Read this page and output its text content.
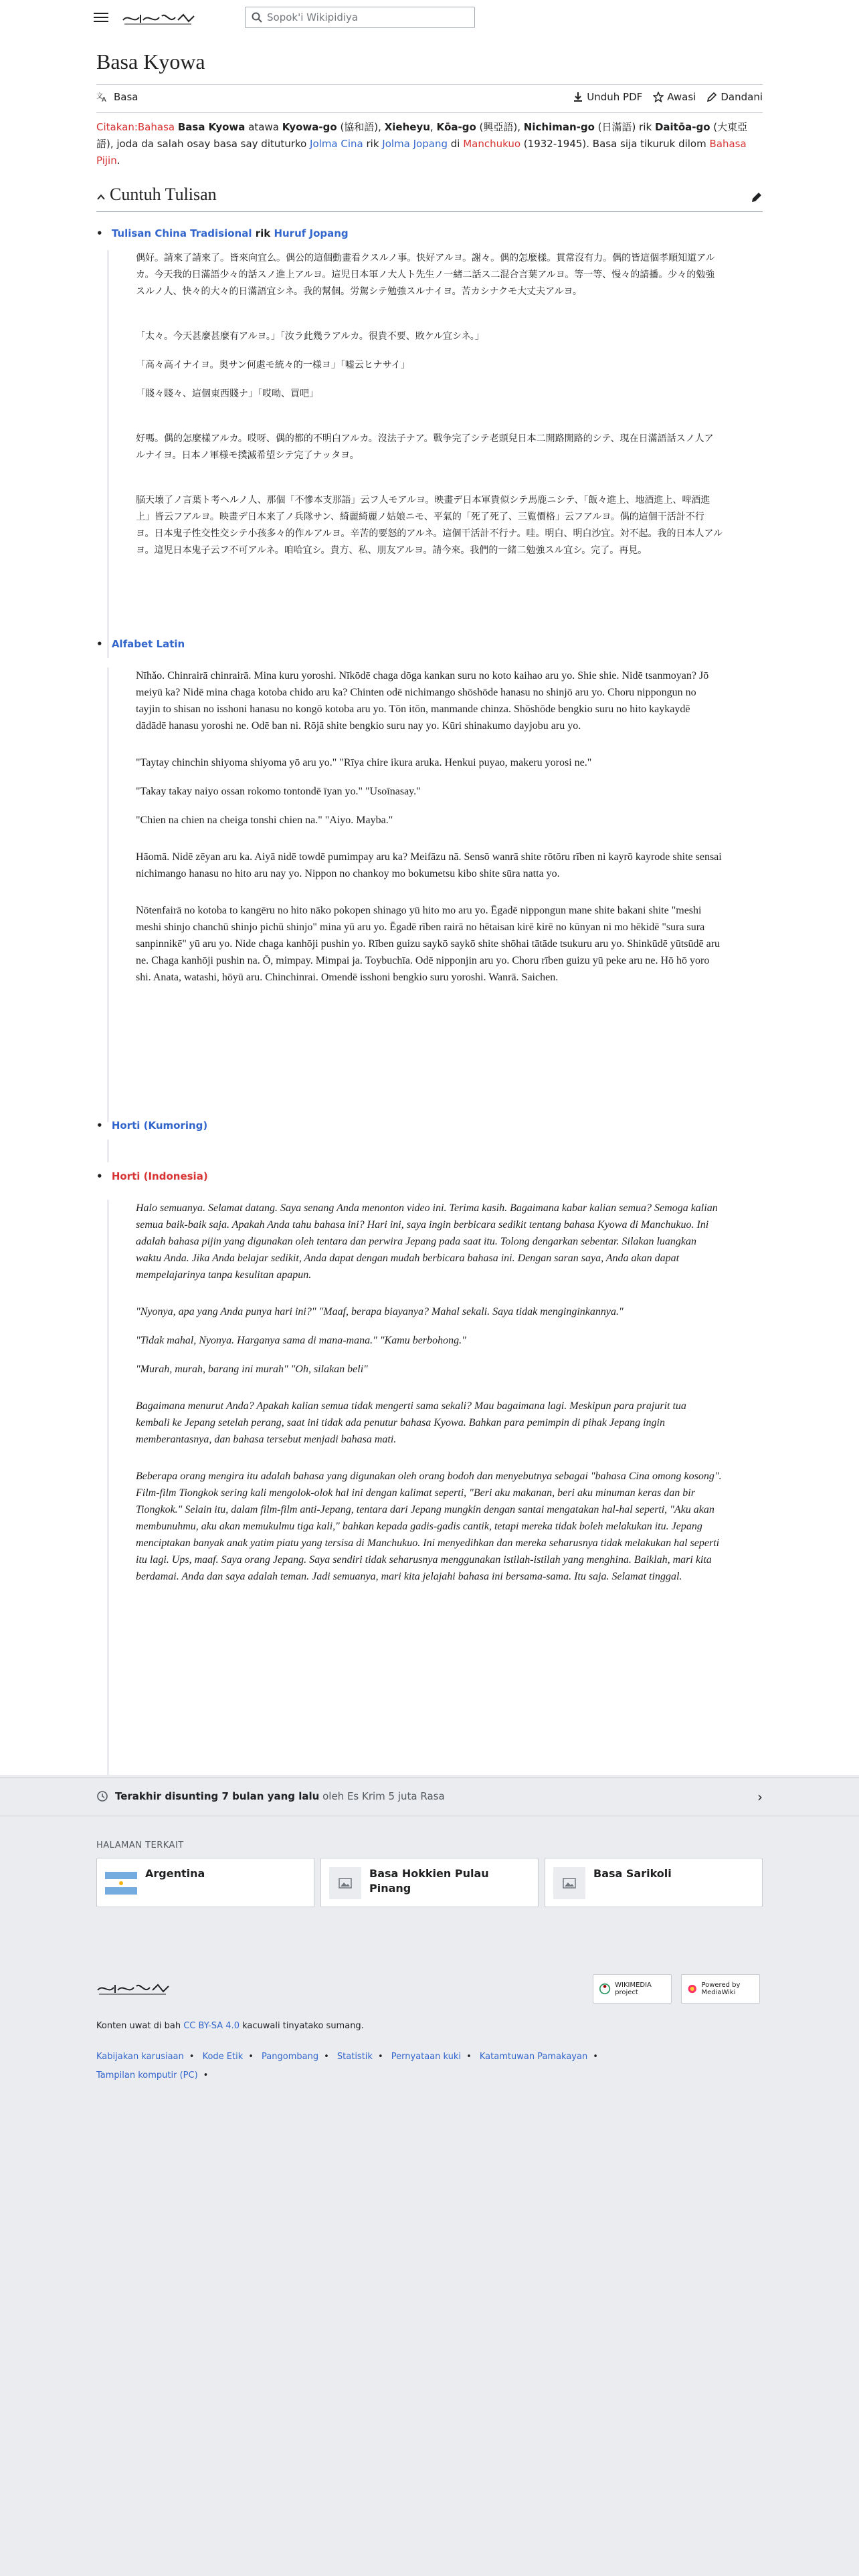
Sopok'i Wikipidiya
Basa Kyowa
文
A Basa	Unduh PDF Awasi Dandani
Citakan:Bahasa Basa Kyowa atawa Kyowa-go (協和語), Xieheyu, Kōa-go (興亞語), Nichiman-go (日滿語) rik Daitōa-go (大東亞語), joda da salah osay basa say dituturko Jolma Cina rik Jolma Jopang di Manchukuo (1932-1945). Basa sija tikuruk dilom Bahasa Pijin.
Cuntuh Tulisan
• Tulisan China Tradisional rik Huruf Jopang

偶好。請來了請來了。皆來向宜么。偶公的這個動畫看クスルノ事。快好アルヨ。謝々。偶的怎麼樣。貫常沒有力。偶的皆這個孝順知道アルカ。今天我的日滿語少々的話スノ進上アルヨ。這児日本軍ノ大人ト先生ノ一緒二話ス二混合言葉アルヨ。等一等、慢々的請播。少々的勉強スルノ人、快々的大々的日滿語宜シネ。我的幫個。労駕シテ勉強スルナイヨ。苦カシナクモ大丈夫アルヨ。

「太々。今天甚麼甚麼有アルヨ。」「汝ラ此幾ラアルカ。很貴不要、敗ケル宜シネ。」

「高々高イナイヨ。奥サン何處モ統々的一様ヨ」「嘘云ヒナサイ」

「賤々賤々、這個東西賤ナ」「哎呦、買吧」

好嗎。偶的怎麼樣アルカ。哎呀、偶的都的不明白アルカ。沒法子ナア。戰争完了シテ老頭兒日本二開路開路的シテ、現在日滿語話スノ人アルナイヨ。日本ノ軍様モ撲滅希望シテ完了ナッタヨ。

脳天壊了ノ言葉ト考ヘルノ人、那個「不慘本支那語」云フ人モアルヨ。映畫デ日本軍貴似シテ馬鹿ニシテ、「飯々進上、地酒進上、啤酒進上」皆云フアルヨ。映畫デ日本来了ノ兵隊サン、綺麗綺麗ノ姑娘ニモ、平氣的「死了死了、三覧價格」云フアルヨ。偶的這個干活計不行ヨ。日本鬼子性交性交シテ小孩多々的作ルアルヨ。辛苦的要怒的アルネ。這個干活計不行ナ。哇。明白、明白沙宜。対不起。我的日本人アルヨ。這児日本鬼子云フ不可アルネ。咱哈宜シ。貴方、私、朋友アルヨ。請今來。我們的一緒二勉強スル宜シ。完了。再見。

• Alfabet Latin

Nīhǎo. Chinrairā chinrairā. Mina kuru yoroshi. Nīkōdē chaga dōga kankan suru no koto kaihao aru yo. Shie shie. Nidē tsanmoyan? Jō meiyū ka? Nidē mina chaga kotoba chido aru ka? Chinten odē nichimango shōshōde hanasu no shinjō aru yo. Choru nippongun no tayjin to shisan no isshoni hanasu no kongō kotoba aru yo. Tōn itōn, manmande chinza. Shōshōde bengkio suru no hito kaykaydē dādādē hanasu yoroshi ne. Odē ban ni. Rōjā shite bengkio suru nay yo. Kūri shinakumo dayjobu aru yo.

"Taytay chinchin shiyoma shiyoma yō aru yo." "Rīya chire ikura aruka. Henkui puyao, makeru yorosi ne."

"Takay takay naiyo ossan rokomo tontondē īyan yo." "Usoīnasay."

"Chien na chien na cheiga tonshi chien na." "Aiyo. Mayba."

Hāomā. Nidē zēyan aru ka. Aiyā nidē towdē pumimpay aru ka? Meifāzu nā. Sensō wanrā shite rōtōru rīben ni kayrō kayrode shite sensai nichimango hanasu no hito aru nay yo. Nippon no chankoy mo bokumetsu kibo shite sūra natta yo.

Nōtenfairā no kotoba to kangēru no hito nāko pokopen shinago yū hito mo aru yo. Ēgadē nippongun mane shite bakani shite "meshi meshi shinjo chanchū shinjo pichū shinjo" mina yū aru yo. Ēgadē rīben rairā no hētaisan kirē kirē no kūnyan ni mo hēkidē "sura sura sanpinnikē" yū aru yo. Nide chaga kanhōji pushin yo. Rīben guizu saykō saykō shite shōhai tātāde tsukuru aru yo. Shinkūdē yūtsūdē aru ne. Chaga kanhōji pushin na. Ō, mimpay. Mimpai ja. Toybuchīa. Odē nipponjin aru yo. Choru rīben guizu yū peke aru ne. Hō hō yoro shi. Anata, watashi, hōyū aru. Chinchinrai. Omendē isshoni bengkio suru yoroshi. Wanrā. Saichen.

• Horti (Kumoring)
• Horti (Indonesia)

Halo semuanya. Selamat datang. Saya senang Anda menonton video ini. Terima kasih. Bagaimana kabar kalian semua? Semoga kalian semua baik-baik saja. Apakah Anda tahu bahasa ini? Hari ini, saya ingin berbicara sedikit tentang bahasa Kyowa di Manchukuo. Ini adalah bahasa pijin yang digunakan oleh tentara dan perwira Jepang pada saat itu. Tolong dengarkan sebentar. Silakan luangkan waktu Anda. Jika Anda belajar sedikit, Anda dapat dengan mudah berbicara bahasa ini. Dengan saran saya, Anda akan dapat mempelajarinya tanpa kesulitan apapun.

"Nyonya, apa yang Anda punya hari ini?" "Maaf, berapa biayanya? Mahal sekali. Saya tidak menginginkannya."

"Tidak mahal, Nyonya. Harganya sama di mana-mana." "Kamu berbohong."

"Murah, murah, barang ini murah" "Oh, silakan beli"

Bagaimana menurut Anda? Apakah kalian semua tidak mengerti sama sekali? Mau bagaimana lagi. Meskipun para prajurit tua kembali ke Jepang setelah perang, saat ini tidak ada penutur bahasa Kyowa. Bahkan para pemimpin di pihak Jepang ingin memberantasnya, dan bahasa tersebut menjadi bahasa mati.

Beberapa orang mengira itu adalah bahasa yang digunakan oleh orang bodoh dan menyebutnya sebagai "bahasa Cina omong kosong". Film-film Tiongkok sering kali mengolok-olok hal ini dengan kalimat seperti, "Beri aku makanan, beri aku minuman keras dan bir Tiongkok." Selain itu, dalam film-film anti-Jepang, tentara dari Jepang mungkin dengan santai mengatakan hal-hal seperti, "Aku akan membunuhmu, aku akan memukulmu tiga kali," bahkan kepada gadis-gadis cantik, tetapi mereka tidak boleh melakukan itu. Jepang menciptakan banyak anak yatim piatu yang tersisa di Manchukuo. Ini menyedihkan dan mereka seharusnya tidak melakukan hal seperti itu lagi. Ups, maaf. Saya orang Jepang. Saya sendiri tidak seharusnya menggunakan istilah-istilah yang menghina. Baiklah, mari kita berdamai. Anda dan saya adalah teman. Jadi semuanya, mari kita jelajahi bahasa ini bersama-sama. Itu saja. Selamat tinggal.

Terakhir disunting 7 bulan yang lalu oleh Es Krim 5 juta Rasa	›
HALAMAN TERKAIT
Argentina	Basa Hokkien Pulau Pinang
Basa Sarikoli
WIKIMEDIA project
Powered by MediaWiki
Konten uwat di bah CC BY-SA 4.0 kacuwali tinyatako sumang.
Kabijakan karusiaan • Kode Etik • Pangombang • Statistik • Pernyataan kuki • Katamtuwan Pamakayan •
Tampilan komputir (PC) •
